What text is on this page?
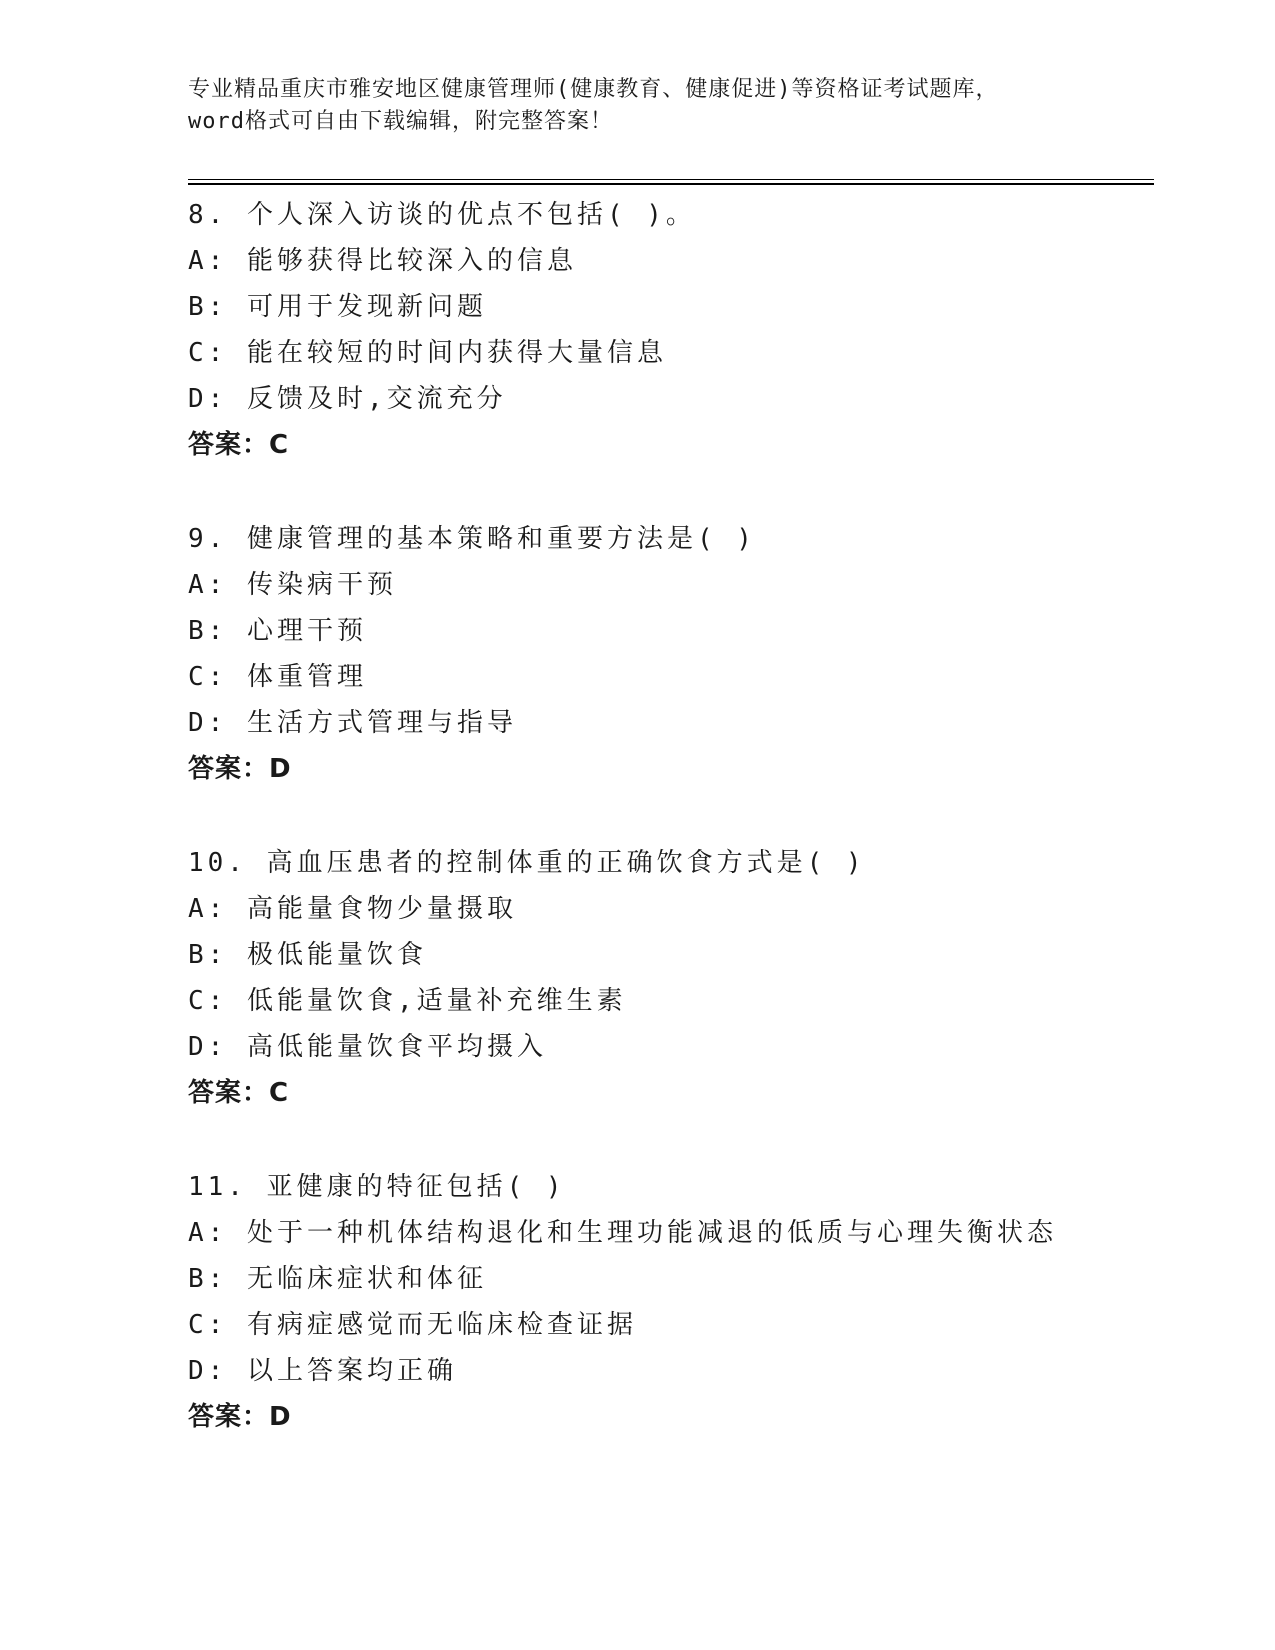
专业精品重庆市雅安地区健康管理师(健康教育、健康促进)等资格证考试题库，
word格式可自由下载编辑，附完整答案！
8. 个人深入访谈的优点不包括( )。
A: 能够获得比较深入的信息
B: 可用于发现新问题
C: 能在较短的时间内获得大量信息
D: 反馈及时,交流充分
答案：C
9. 健康管理的基本策略和重要方法是( )
A: 传染病干预
B: 心理干预
C: 体重管理
D: 生活方式管理与指导
答案：D
10. 高血压患者的控制体重的正确饮食方式是( )
A: 高能量食物少量摄取
B: 极低能量饮食
C: 低能量饮食,适量补充维生素
D: 高低能量饮食平均摄入
答案：C
11. 亚健康的特征包括( )
A: 处于一种机体结构退化和生理功能减退的低质与心理失衡状态
B: 无临床症状和体征
C: 有病症感觉而无临床检查证据
D: 以上答案均正确
答案：D
